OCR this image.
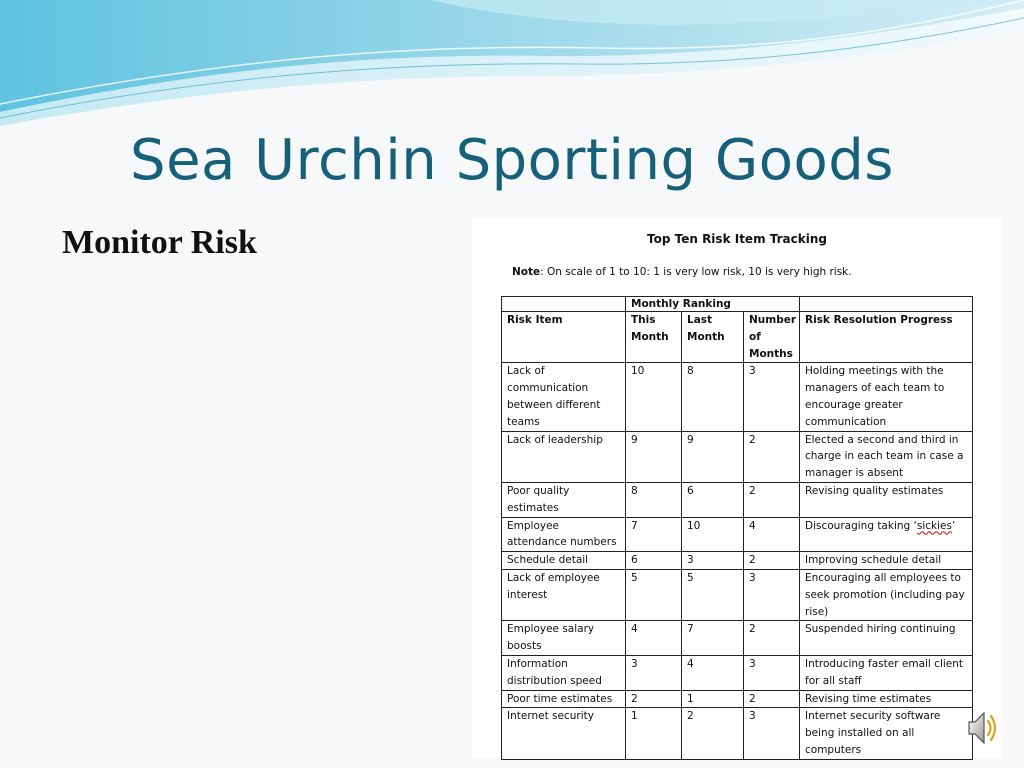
Sea Urchin Sporting Goods
Monitor Risk	Top Ten Risk Item Tracking
Note: On scale of 1 to 10: 1 is very low risk, 10 is very high risk.
	Monthly Ranking			
Risk Item	This Month	Last Month	Number of Months	Risk Resolution Progress
Lack of communication between different teams	10	8	3	Holding meetings with the managers of each team to encourage greater communication
Lack of leadership	9	9	2	Elected a second and third in charge in each team in case a manager is absent
Poor quality estimates	8	6	2	Revising quality estimates
Employee attendance numbers	7	10	4	Discouraging taking ‘sickies’
Schedule detail	6	3	2	Improving schedule detail
Lack of employee interest	5	5	3	Encouraging all employees to seek promotion (including pay rise)
Employee salary boosts	4	7	2	Suspended hiring continuing
Information distribution speed	3	4	3	Introducing faster email client for all staff
Poor time estimates	2	1	2	Revising time estimates
Internet security	1	2	3	Internet security software being installed on all computers
